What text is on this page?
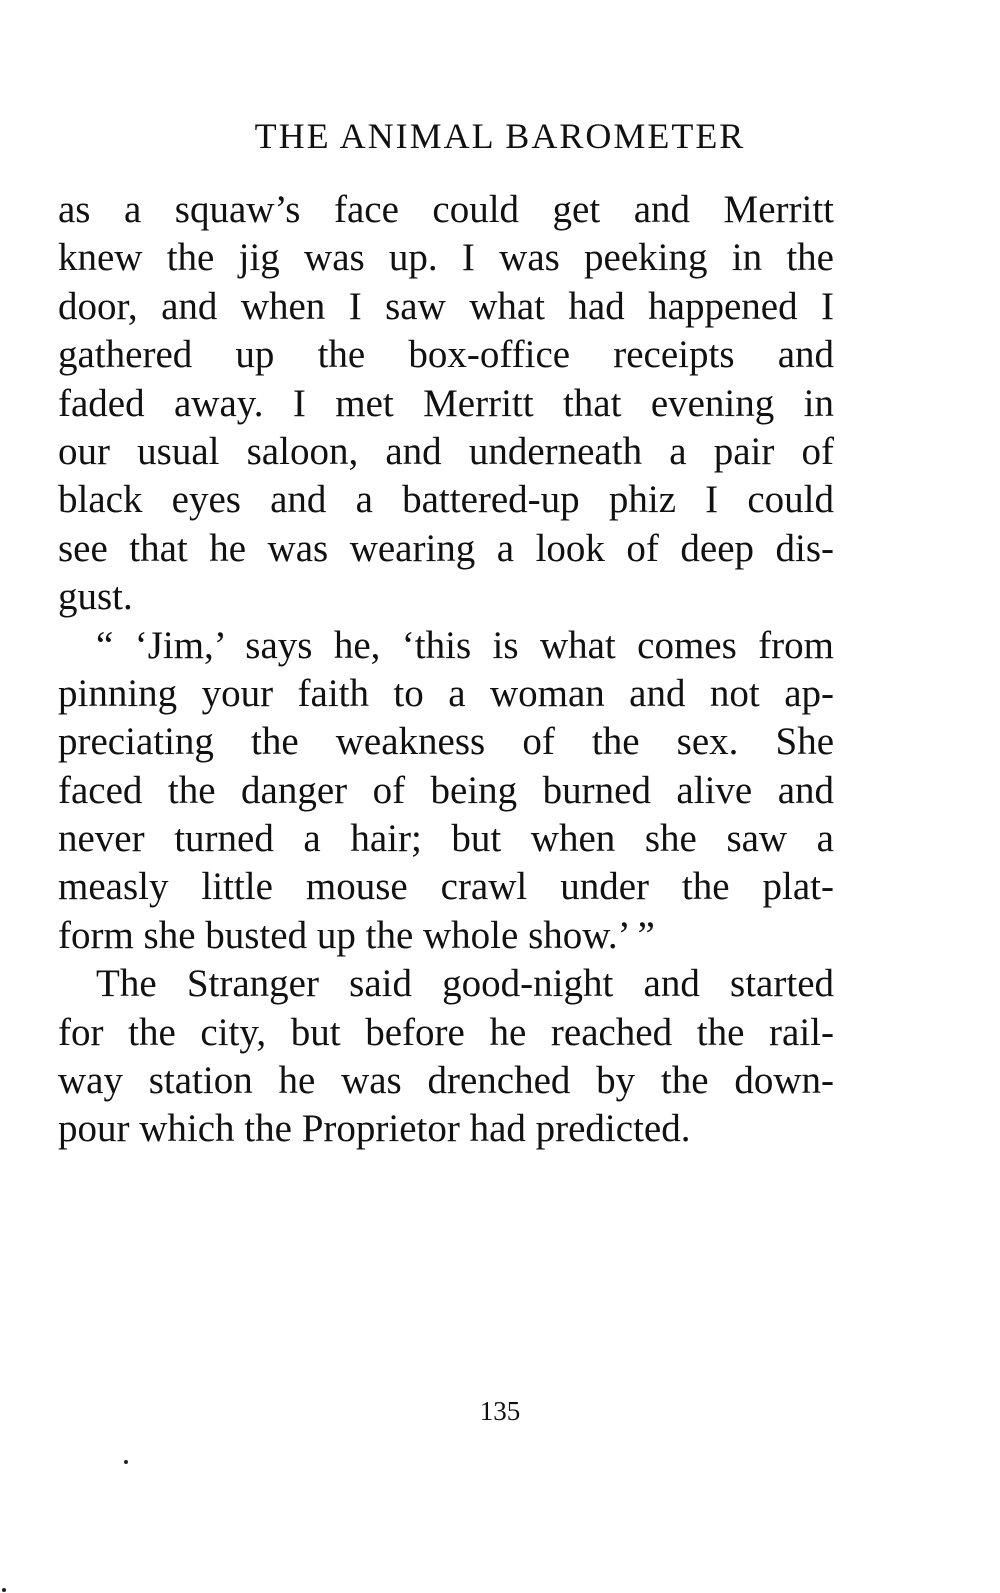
THE ANIMAL BAROMETER
as a squaw’s face could get and Merritt
knew the jig was up. I was peeking in the
door, and when I saw what had happened I
gathered up the box-office receipts and
faded away. I met Merritt that evening in
our usual saloon, and underneath a pair of
black eyes and a battered-up phiz I could
see that he was wearing a look of deep dis-
gust.
“ ‘Jim,’ says he, ‘this is what comes from
pinning your faith to a woman and not ap-
preciating the weakness of the sex. She
faced the danger of being burned alive and
never turned a hair; but when she saw a
measly little mouse crawl under the plat-
form she busted up the whole show.’ ”
The Stranger said good-night and started
for the city, but before he reached the rail-
way station he was drenched by the down-
pour which the Proprietor had predicted.
135
